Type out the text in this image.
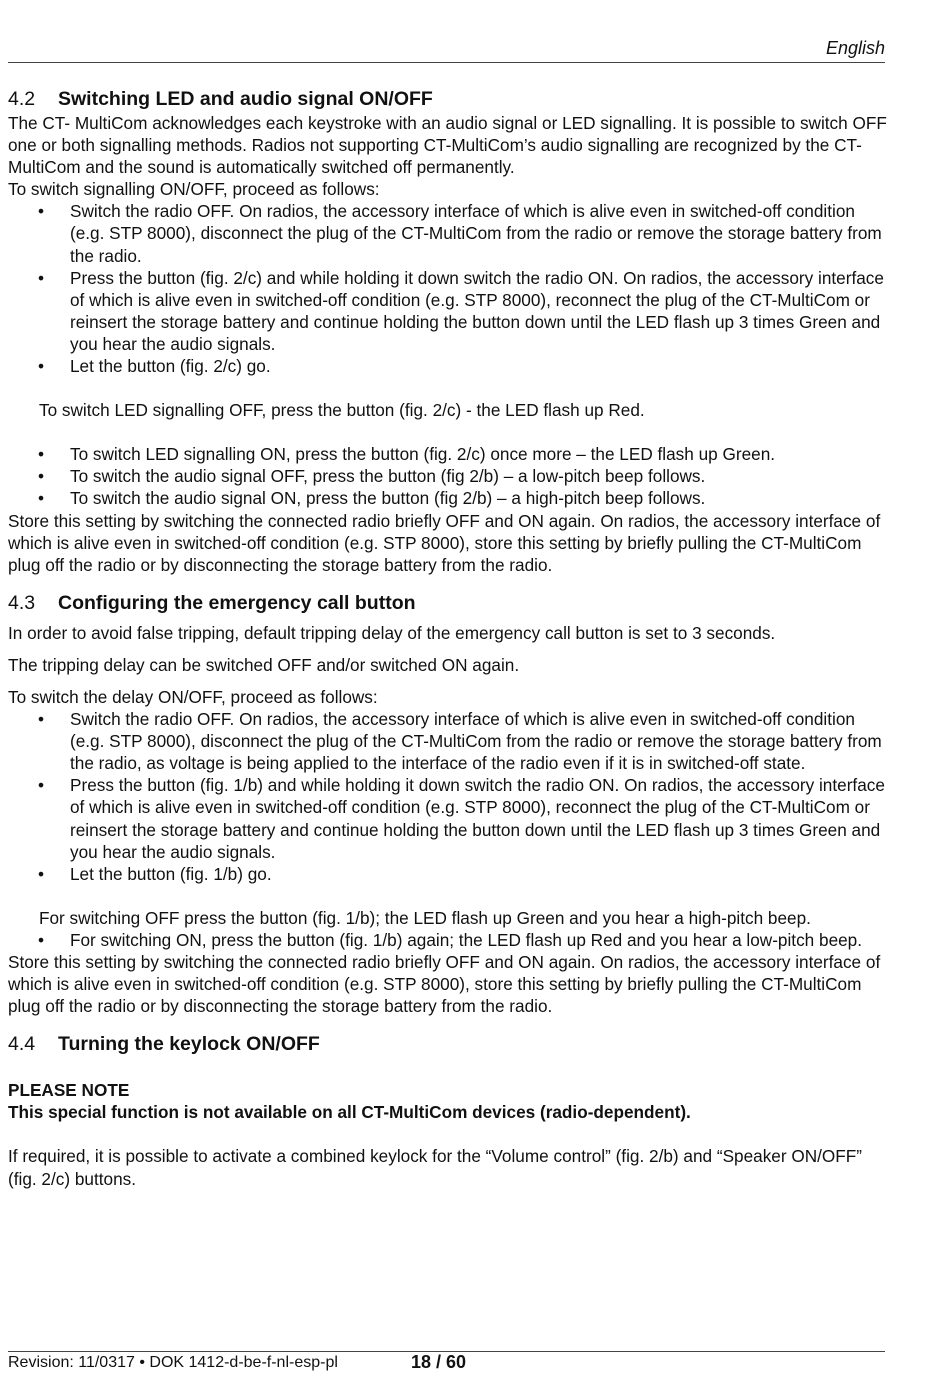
English
4.2 Switching LED and audio signal ON/OFF

The CT- MultiCom acknowledges each keystroke with an audio signal or LED signalling. It is possible to switch OFF one or both signalling methods. Radios not supporting CT-MultiCom’s audio signalling are recognized by the CT-MultiCom and the sound is automatically switched off permanently.

To switch signalling ON/OFF, proceed as follows:

• Switch the radio OFF. On radios, the accessory interface of which is alive even in switched-off condition (e.g. STP 8000), disconnect the plug of the CT-MultiCom from the radio or remove the storage battery from the radio.
• Press the button (fig. 2/c) and while holding it down switch the radio ON. On radios, the accessory interface of which is alive even in switched-off condition (e.g. STP 8000), reconnect the plug of the CT-MultiCom or reinsert the storage battery and continue holding the button down until the LED flash up 3 times Green and you hear the audio signals.
• Let the button (fig. 2/c) go.

To switch LED signalling OFF, press the button (fig. 2/c) - the LED flash up Red.

• To switch LED signalling ON, press the button (fig. 2/c) once more – the LED flash up Green.
• To switch the audio signal OFF, press the button (fig 2/b) – a low-pitch beep follows.
• To switch the audio signal ON, press the button (fig 2/b) – a high-pitch beep follows.

Store this setting by switching the connected radio briefly OFF and ON again. On radios, the accessory interface of which is alive even in switched-off condition (e.g. STP 8000), store this setting by briefly pulling the CT-MultiCom plug off the radio or by disconnecting the storage battery from the radio.

4.3 Configuring the emergency call button

In order to avoid false tripping, default tripping delay of the emergency call button is set to 3 seconds.

The tripping delay can be switched OFF and/or switched ON again.

To switch the delay ON/OFF, proceed as follows:

• Switch the radio OFF. On radios, the accessory interface of which is alive even in switched-off condition (e.g. STP 8000), disconnect the plug of the CT-MultiCom from the radio or remove the storage battery from the radio, as voltage is being applied to the interface of the radio even if it is in switched-off state.
• Press the button (fig. 1/b) and while holding it down switch the radio ON. On radios, the accessory interface of which is alive even in switched-off condition (e.g. STP 8000), reconnect the plug of the CT-MultiCom or reinsert the storage battery and continue holding the button down until the LED flash up 3 times Green and you hear the audio signals.
• Let the button (fig. 1/b) go.

For switching OFF press the button (fig. 1/b); the LED flash up Green and you hear a high-pitch beep.

• For switching ON, press the button (fig. 1/b) again; the LED flash up Red and you hear a low-pitch beep.

Store this setting by switching the connected radio briefly OFF and ON again. On radios, the accessory interface of which is alive even in switched-off condition (e.g. STP 8000), store this setting by briefly pulling the CT-MultiCom plug off the radio or by disconnecting the storage battery from the radio.

4.4 Turning the keylock ON/OFF

PLEASE NOTE

This special function is not available on all CT-MultiCom devices (radio-dependent).

If required, it is possible to activate a combined keylock for the “Volume control” (fig. 2/b) and “Speaker ON/OFF” (fig. 2/c) buttons.

Revision: 11/0317 • DOK 1412-d-be-f-nl-esp-pl	18 / 60
